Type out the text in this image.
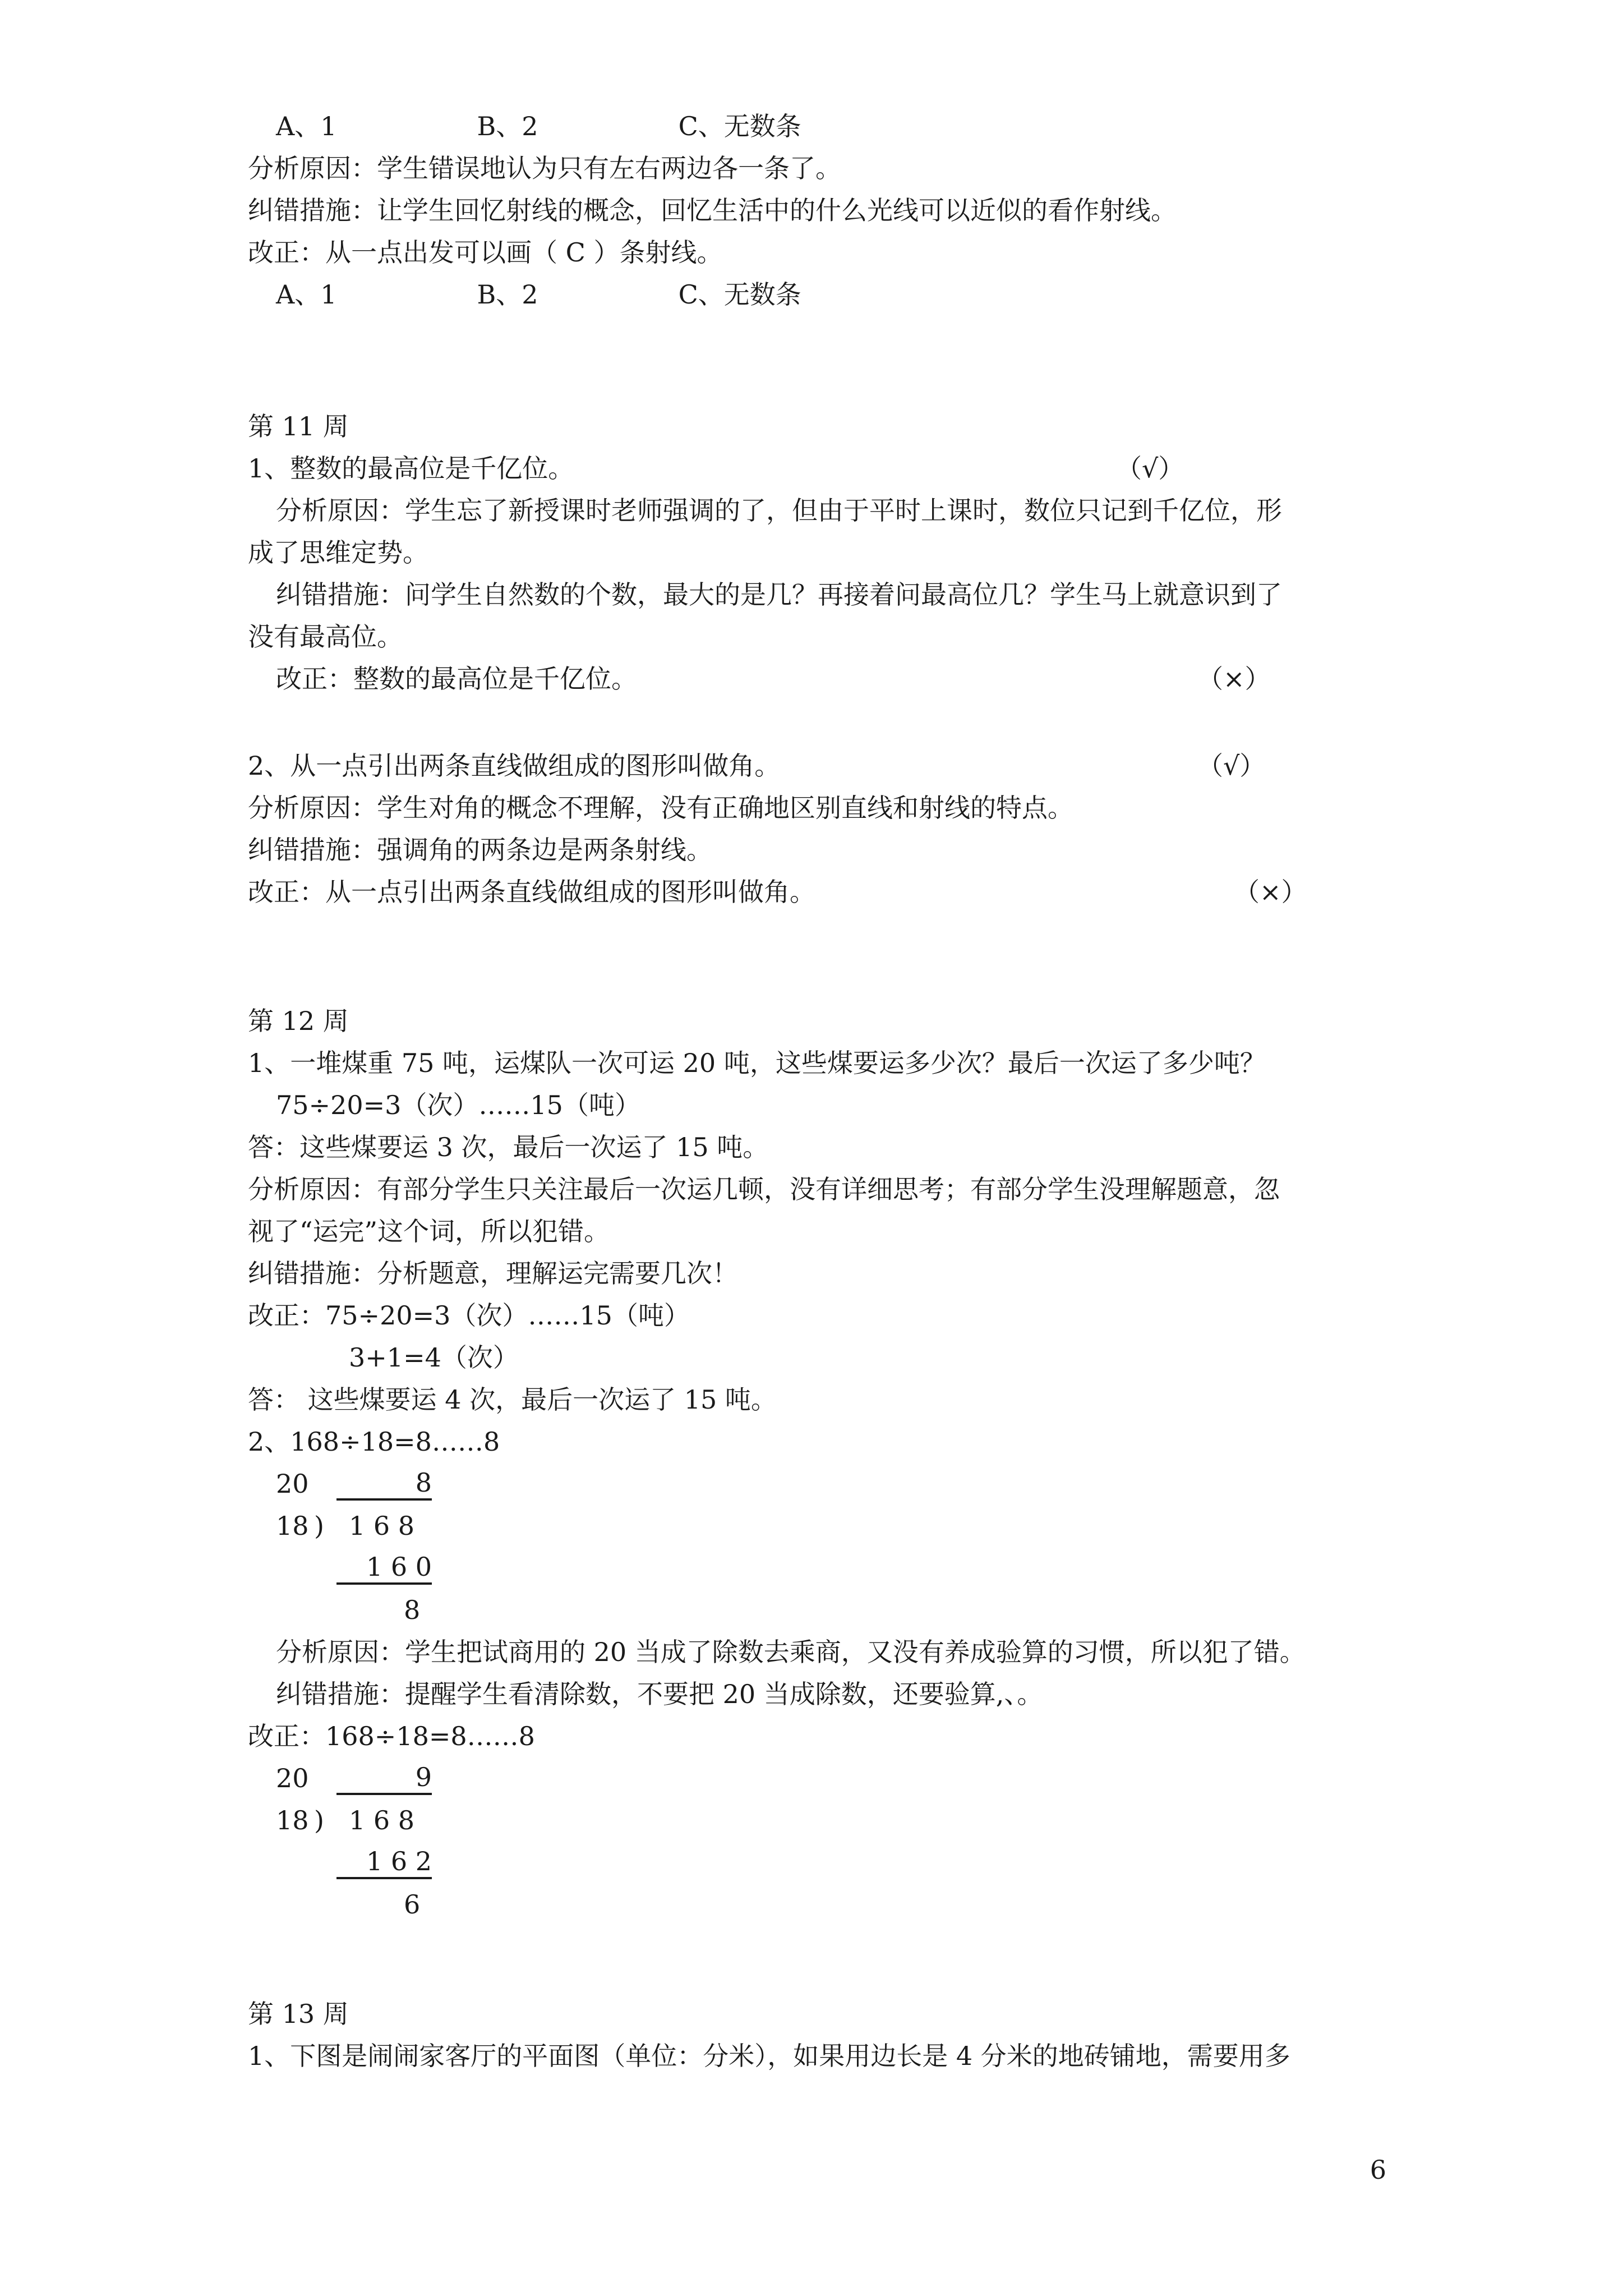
A、1	B、2	C、无数条
分析原因：学生错误地认为只有左右两边各一条了。
纠错措施：让学生回忆射线的概念，回忆生活中的什么光线可以近似的看作射线。
改正：从一点出发可以画（ C ）条射线。
A、1	B、2	C、无数条
第 11 周
1、整数的最高位是千亿位。	（√）
分析原因：学生忘了新授课时老师强调的了，但由于平时上课时，数位只记到千亿位，形
成了思维定势。
纠错措施：问学生自然数的个数，最大的是几？再接着问最高位几？学生马上就意识到了
没有最高位。
改正：整数的最高位是千亿位。	（×）
2、从一点引出两条直线做组成的图形叫做角。	（√）
分析原因：学生对角的概念不理解，没有正确地区别直线和射线的特点。
纠错措施：强调角的两条边是两条射线。
改正：从一点引出两条直线做组成的图形叫做角。	（×）
第 12 周
1、一堆煤重 75 吨，运煤队一次可运 20 吨，这些煤要运多少次？最后一次运了多少吨？
75÷20=3（次）……15（吨）
答：这些煤要运 3 次，最后一次运了 15 吨。
分析原因：有部分学生只关注最后一次运几顿，没有详细思考；有部分学生没理解题意，忽
视了“运完”这个词，所以犯错。
纠错措施：分析题意，理解运完需要几次！
改正：75÷20=3（次）……15（吨）
3+1=4（次）
答： 这些煤要运 4 次，最后一次运了 15 吨。
2、168÷18=8……8
20	8
18 ) 1 6 8
1 6 0
8
分析原因：学生把试商用的 20 当成了除数去乘商，又没有养成验算的习惯，所以犯了错。
纠错措施：提醒学生看清除数，不要把 20 当成除数，还要验算,、。
改正：168÷18=8……8
20	9
18 ) 1 6 8
1 6 2
6
第 13 周
1、下图是闹闹家客厅的平面图（单位：分米），如果用边长是 4 分米的地砖铺地，需要用多
6
